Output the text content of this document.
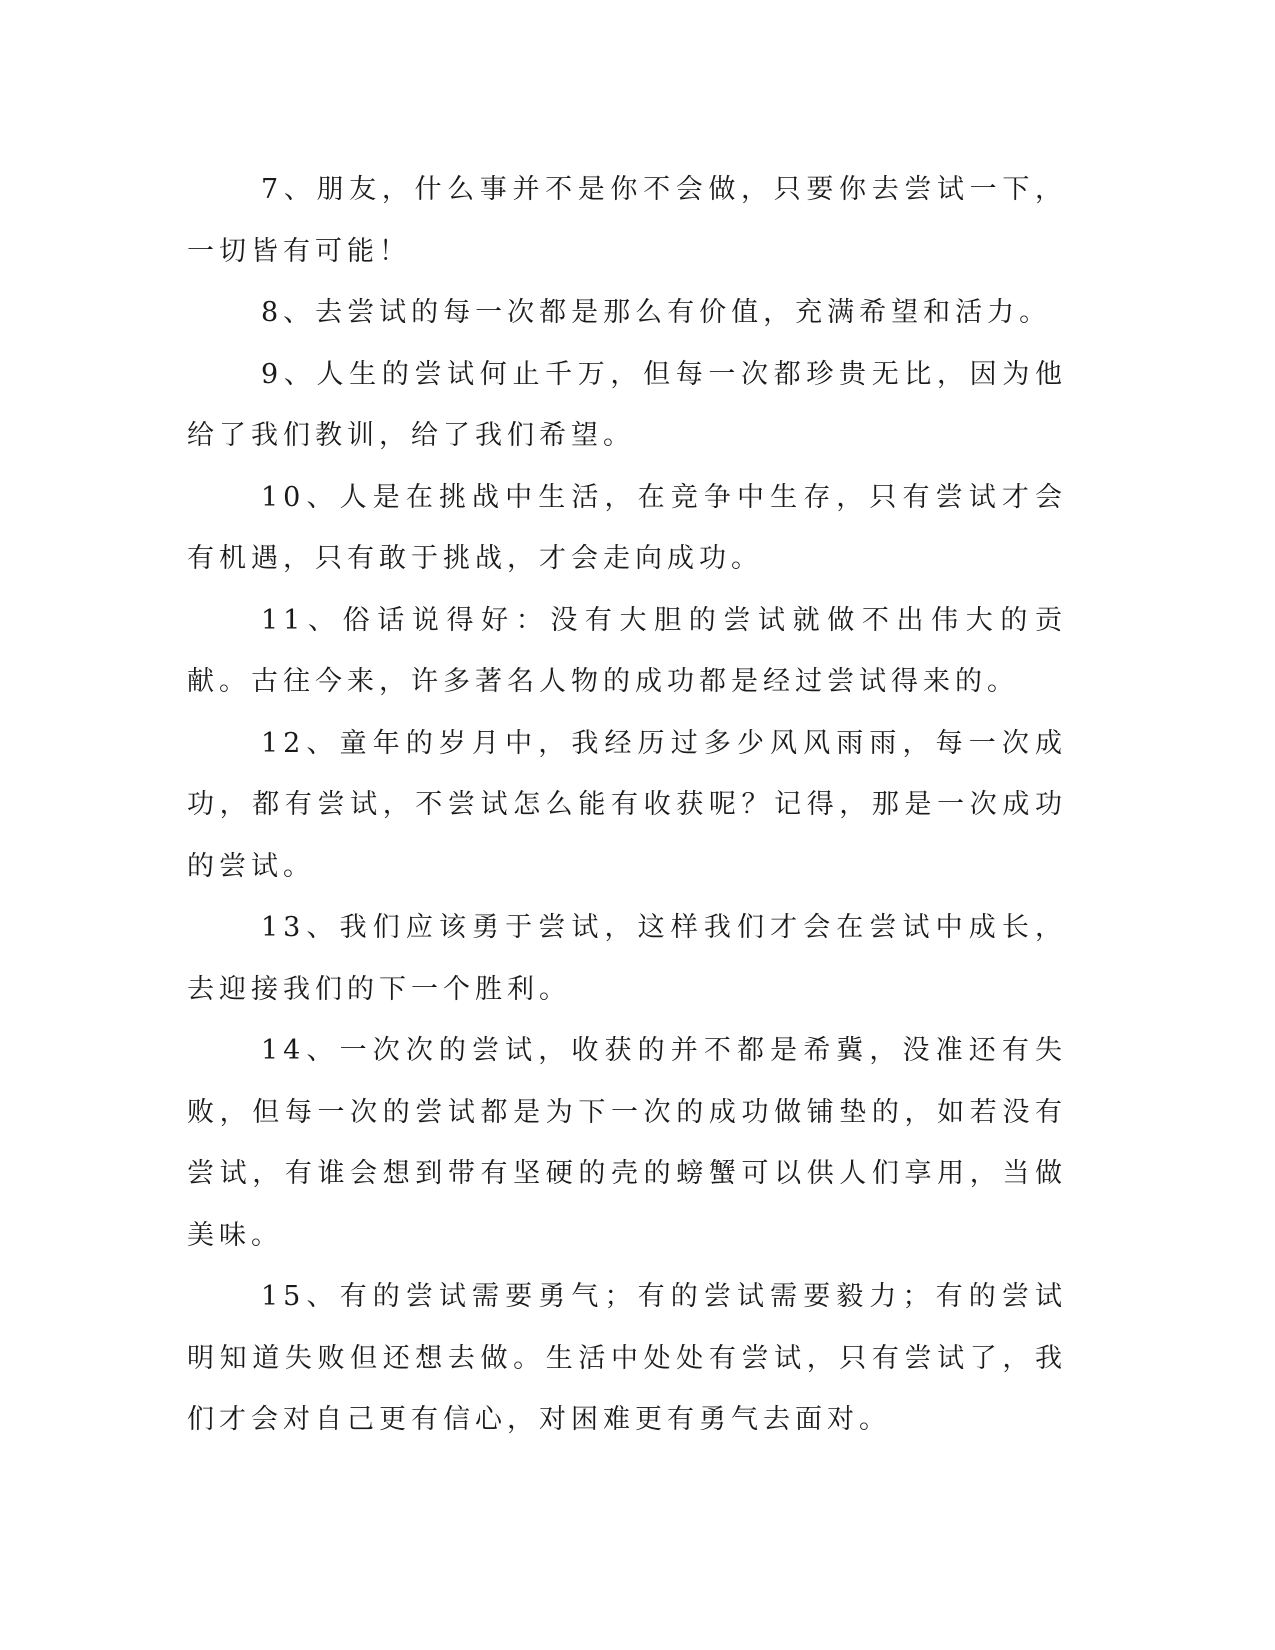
7、朋友，什么事并不是你不会做，只要你去尝试一下，一切皆有可能！

8、去尝试的每一次都是那么有价值，充满希望和活力。

9、人生的尝试何止千万，但每一次都珍贵无比，因为他给了我们教训，给了我们希望。

10、人是在挑战中生活，在竞争中生存，只有尝试才会有机遇，只有敢于挑战，才会走向成功。

11、俗话说得好：没有大胆的尝试就做不出伟大的贡献。古往今来，许多著名人物的成功都是经过尝试得来的。

12、童年的岁月中，我经历过多少风风雨雨，每一次成功，都有尝试，不尝试怎么能有收获呢？记得，那是一次成功的尝试。

13、我们应该勇于尝试，这样我们才会在尝试中成长，去迎接我们的下一个胜利。

14、一次次的尝试，收获的并不都是希冀，没准还有失败，但每一次的尝试都是为下一次的成功做铺垫的，如若没有尝试，有谁会想到带有坚硬的壳的螃蟹可以供人们享用，当做美味。

15、有的尝试需要勇气；有的尝试需要毅力；有的尝试明知道失败但还想去做。生活中处处有尝试，只有尝试了，我们才会对自己更有信心，对困难更有勇气去面对。
